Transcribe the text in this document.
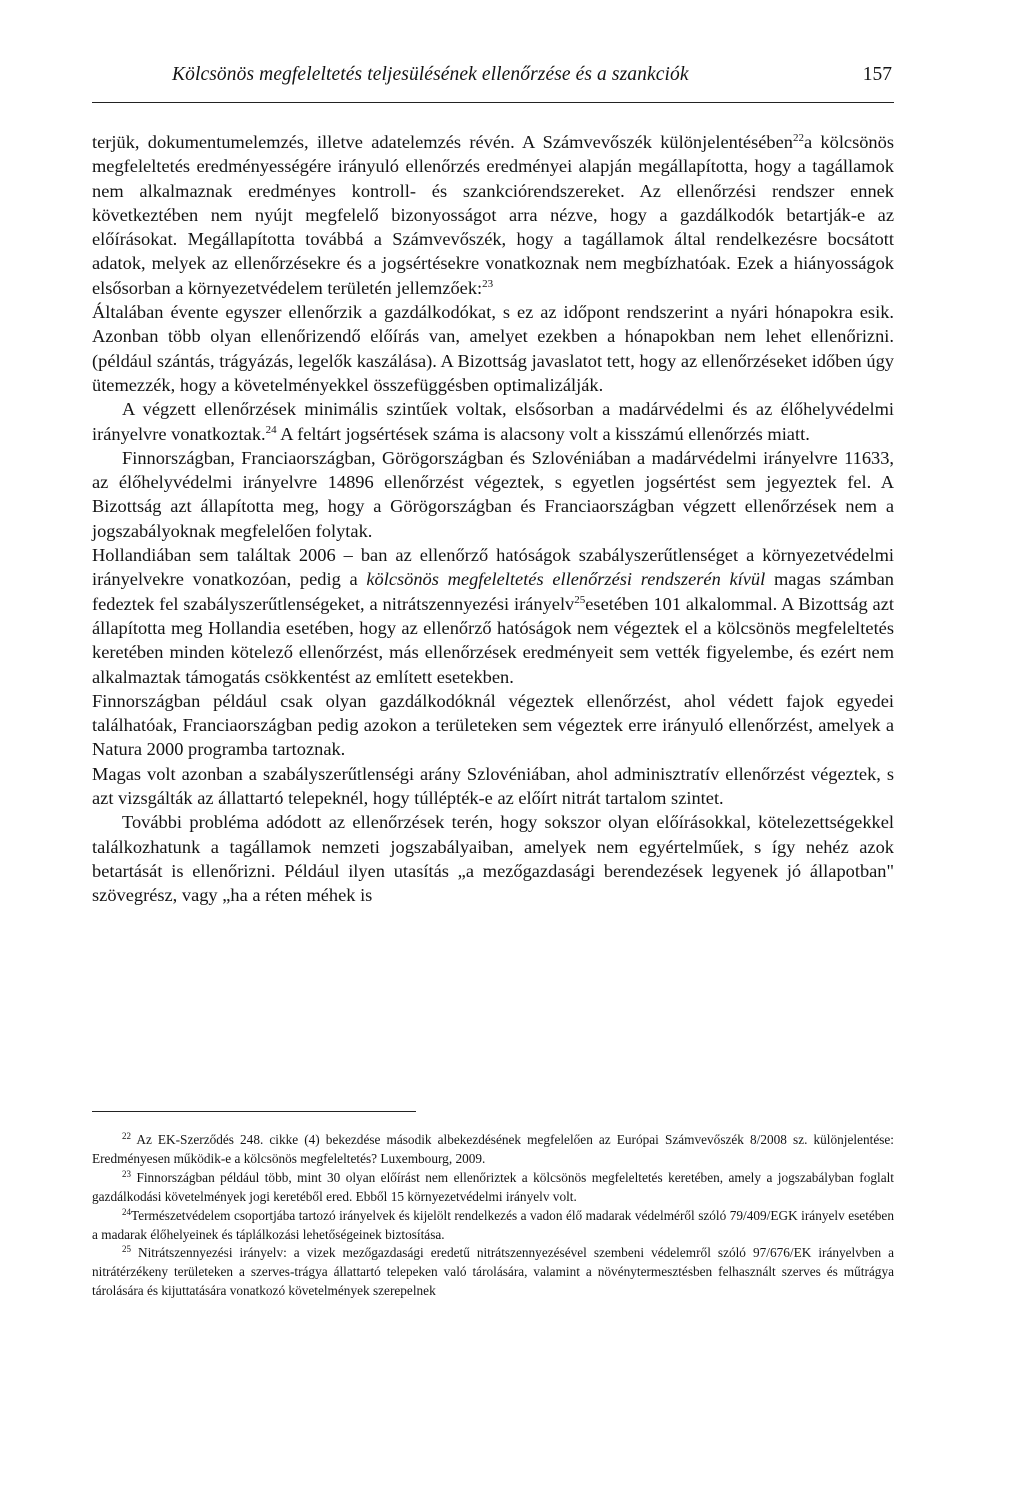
Kölcsönös megfeleltetés teljesülésének ellenőrzése és a szankciók	157

terjük, dokumentumelemzés, illetve adatelemzés révén. A Számvevőszék különjelentésében$^{22}$a kölcsönös megfeleltetés eredményességére irányuló ellenőrzés eredményei alapján megállapította, hogy a tagállamok nem alkalmaznak eredményes kontroll- és szankciórendszereket. Az ellenőrzési rendszer ennek következtében nem nyújt megfelelő bizonyosságot arra nézve, hogy a gazdálkodók betartják-e az előírásokat. Megállapította továbbá a Számvevőszék, hogy a tagállamok által rendelkezésre bocsátott adatok, melyek az ellenőrzésekre és a jogsértésekre vonatkoznak nem megbízhatóak. Ezek a hiányosságok elsősorban a környezetvédelem területén jellemzőek:$^{23}$

Általában évente egyszer ellenőrzik a gazdálkodókat, s ez az időpont rendszerint a nyári hónapokra esik. Azonban több olyan ellenőrizendő előírás van, amelyet ezekben a hónapokban nem lehet ellenőrizni. (például szántás, trágyázás, legelők kaszálása). A Bizottság javaslatot tett, hogy az ellenőrzéseket időben úgy ütemezzék, hogy a követelményekkel összefüggésben optimalizálják.

A végzett ellenőrzések minimális szintűek voltak, elsősorban a madárvédelmi és az élőhelyvédelmi irányelvre vonatkoztak.$^{24}$ A feltárt jogsértések száma is alacsony volt a kisszámú ellenőrzés miatt.

Finnországban, Franciaországban, Görögországban és Szlovéniában a madárvédelmi irányelvre 11633, az élőhelyvédelmi irányelvre 14896 ellenőrzést végeztek, s egyetlen jogsértést sem jegyeztek fel. A Bizottság azt állapította meg, hogy a Görögországban és Franciaországban végzett ellenőrzések nem a jogszabályoknak megfelelően folytak.

Hollandiában sem találtak 2006 – ban az ellenőrző hatóságok szabályszerűtlenséget a környezetvédelmi irányelvekre vonatkozóan, pedig a kölcsönös megfeleltetés ellenőrzési rendszerén kívül magas számban fedeztek fel szabályszerűtlenségeket, a nitrátszennyezési irányelv$^{25}$esetében 101 alkalommal. A Bizottság azt állapította meg Hollandia esetében, hogy az ellenőrző hatóságok nem végeztek el a kölcsönös megfeleltetés keretében minden kötelező ellenőrzést, más ellenőrzések eredményeit sem vették figyelembe, és ezért nem alkalmaztak támogatás csökkentést az említett esetekben.

Finnországban például csak olyan gazdálkodóknál végeztek ellenőrzést, ahol védett fajok egyedei találhatóak, Franciaországban pedig azokon a területeken sem végeztek erre irányuló ellenőrzést, amelyek a Natura 2000 programba tartoznak.

Magas volt azonban a szabályszerűtlenségi arány Szlovéniában, ahol adminisztratív ellenőrzést végeztek, s azt vizsgálták az állattartó telepeknél, hogy túllépték-e az előírt nitrát tartalom szintet.

További probléma adódott az ellenőrzések terén, hogy sokszor olyan előírásokkal, kötelezettségekkel találkozhatunk a tagállamok nemzeti jogszabályaiban, amelyek nem egyértelműek, s így nehéz azok betartását is ellenőrizni. Például ilyen utasítás „a mezőgazdasági berendezések legyenek jó állapotban" szövegrész, vagy „ha a réten méhek is

$^{22}$ Az EK-Szerződés 248. cikke (4) bekezdése második albekezdésének megfelelően az Európai Számvevőszék 8/2008 sz. különjelentése: Eredményesen működik-e a kölcsönös megfeleltetés? Luxembourg, 2009.

$^{23}$ Finnországban például több, mint 30 olyan előírást nem ellenőriztek a kölcsönös megfeleltetés keretében, amely a jogszabályban foglalt gazdálkodási követelmények jogi keretéből ered. Ebből 15 környezetvédelmi irányelv volt.

$^{24}$Természetvédelem csoportjába tartozó irányelvek és kijelölt rendelkezés a vadon élő madarak védelméről szóló 79/409/EGK irányelv esetében a madarak élőhelyeinek és táplálkozási lehetőségeinek biztosítása.

$^{25}$ Nitrátszennyezési irányelv: a vizek mezőgazdasági eredetű nitrátszennyezésével szembeni védelemről szóló 97/676/EK irányelvben a nitrátérzékeny területeken a szerves-trágya állattartó telepeken való tárolására, valamint a növénytermesztésben felhasznált szerves és műtrágya tárolására és kijuttatására vonatkozó követelmények szerepelnek
